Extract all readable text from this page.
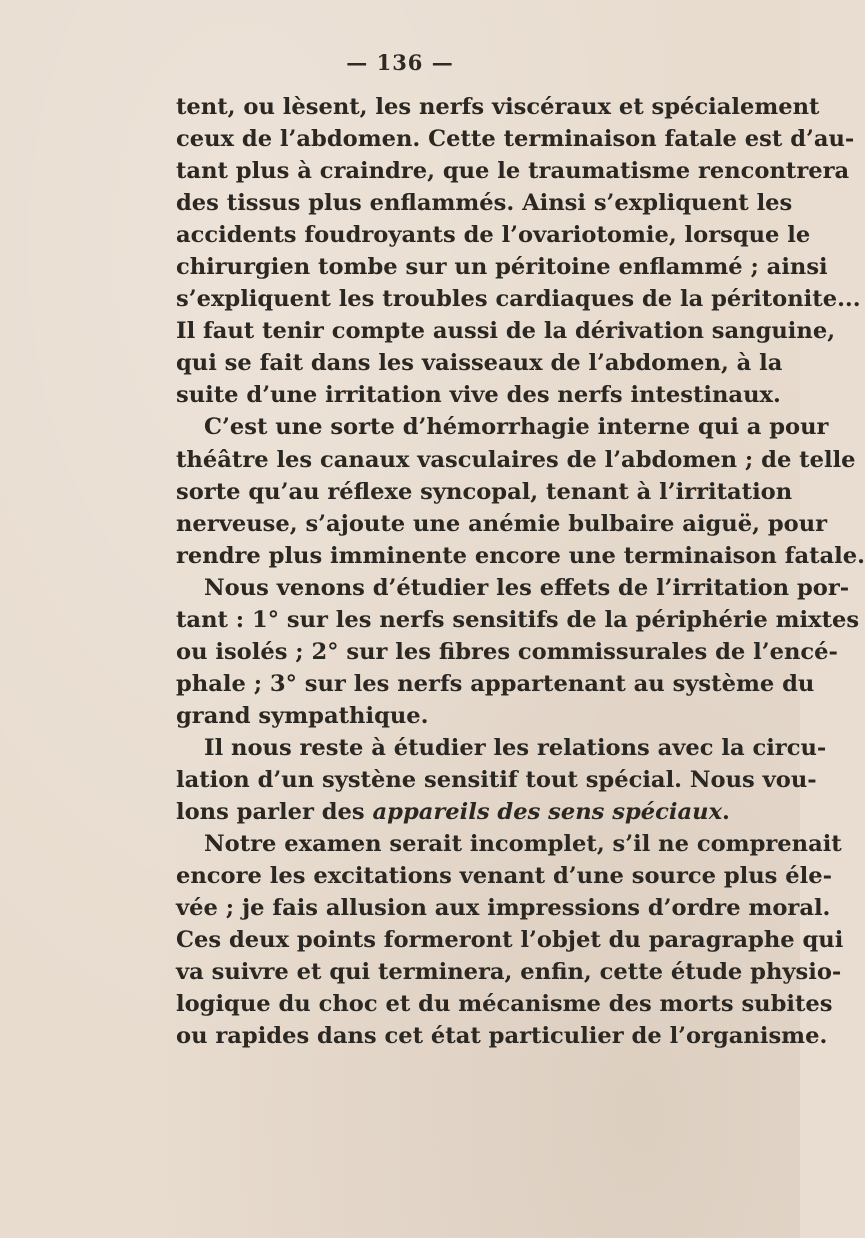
— 136 —
tent, ou lèsent, les nerfs viscéraux et spécialement
ceux de l’abdomen. Cette terminaison fatale est d’au-
tant plus à craindre, que le traumatisme rencontrera
des tissus plus enflammés. Ainsi s’expliquent les
accidents foudroyants de l’ovariotomie, lorsque le
chirurgien tombe sur un péritoine enflammé ; ainsi
s’expliquent les troubles cardiaques de la péritonite...
Il faut tenir compte aussi de la dérivation sanguine,
qui se fait dans les vaisseaux de l’abdomen, à la
suite d’une irritation vive des nerfs intestinaux.
C’est une sorte d’hémorrhagie interne qui a pour
théâtre les canaux vasculaires de l’abdomen ; de telle
sorte qu’au réflexe syncopal, tenant à l’irritation
nerveuse, s’ajoute une anémie bulbaire aiguë, pour
rendre plus imminente encore une terminaison fatale.
Nous venons d’étudier les effets de l’irritation por-
tant : 1° sur les nerfs sensitifs de la périphérie mixtes
ou isolés ; 2° sur les fibres commissurales de l’encé-
phale ; 3° sur les nerfs appartenant au système du
grand sympathique.
Il nous reste à étudier les relations avec la circu-
lation d’un systène sensitif tout spécial. Nous vou-
lons parler des appareils des sens spéciaux.
Notre examen serait incomplet, s’il ne comprenait
encore les excitations venant d’une source plus éle-
vée ; je fais allusion aux impressions d’ordre moral.
Ces deux points formeront l’objet du paragraphe qui
va suivre et qui terminera, enfin, cette étude physio-
logique du choc et du mécanisme des morts subites
ou rapides dans cet état particulier de l’organisme.
